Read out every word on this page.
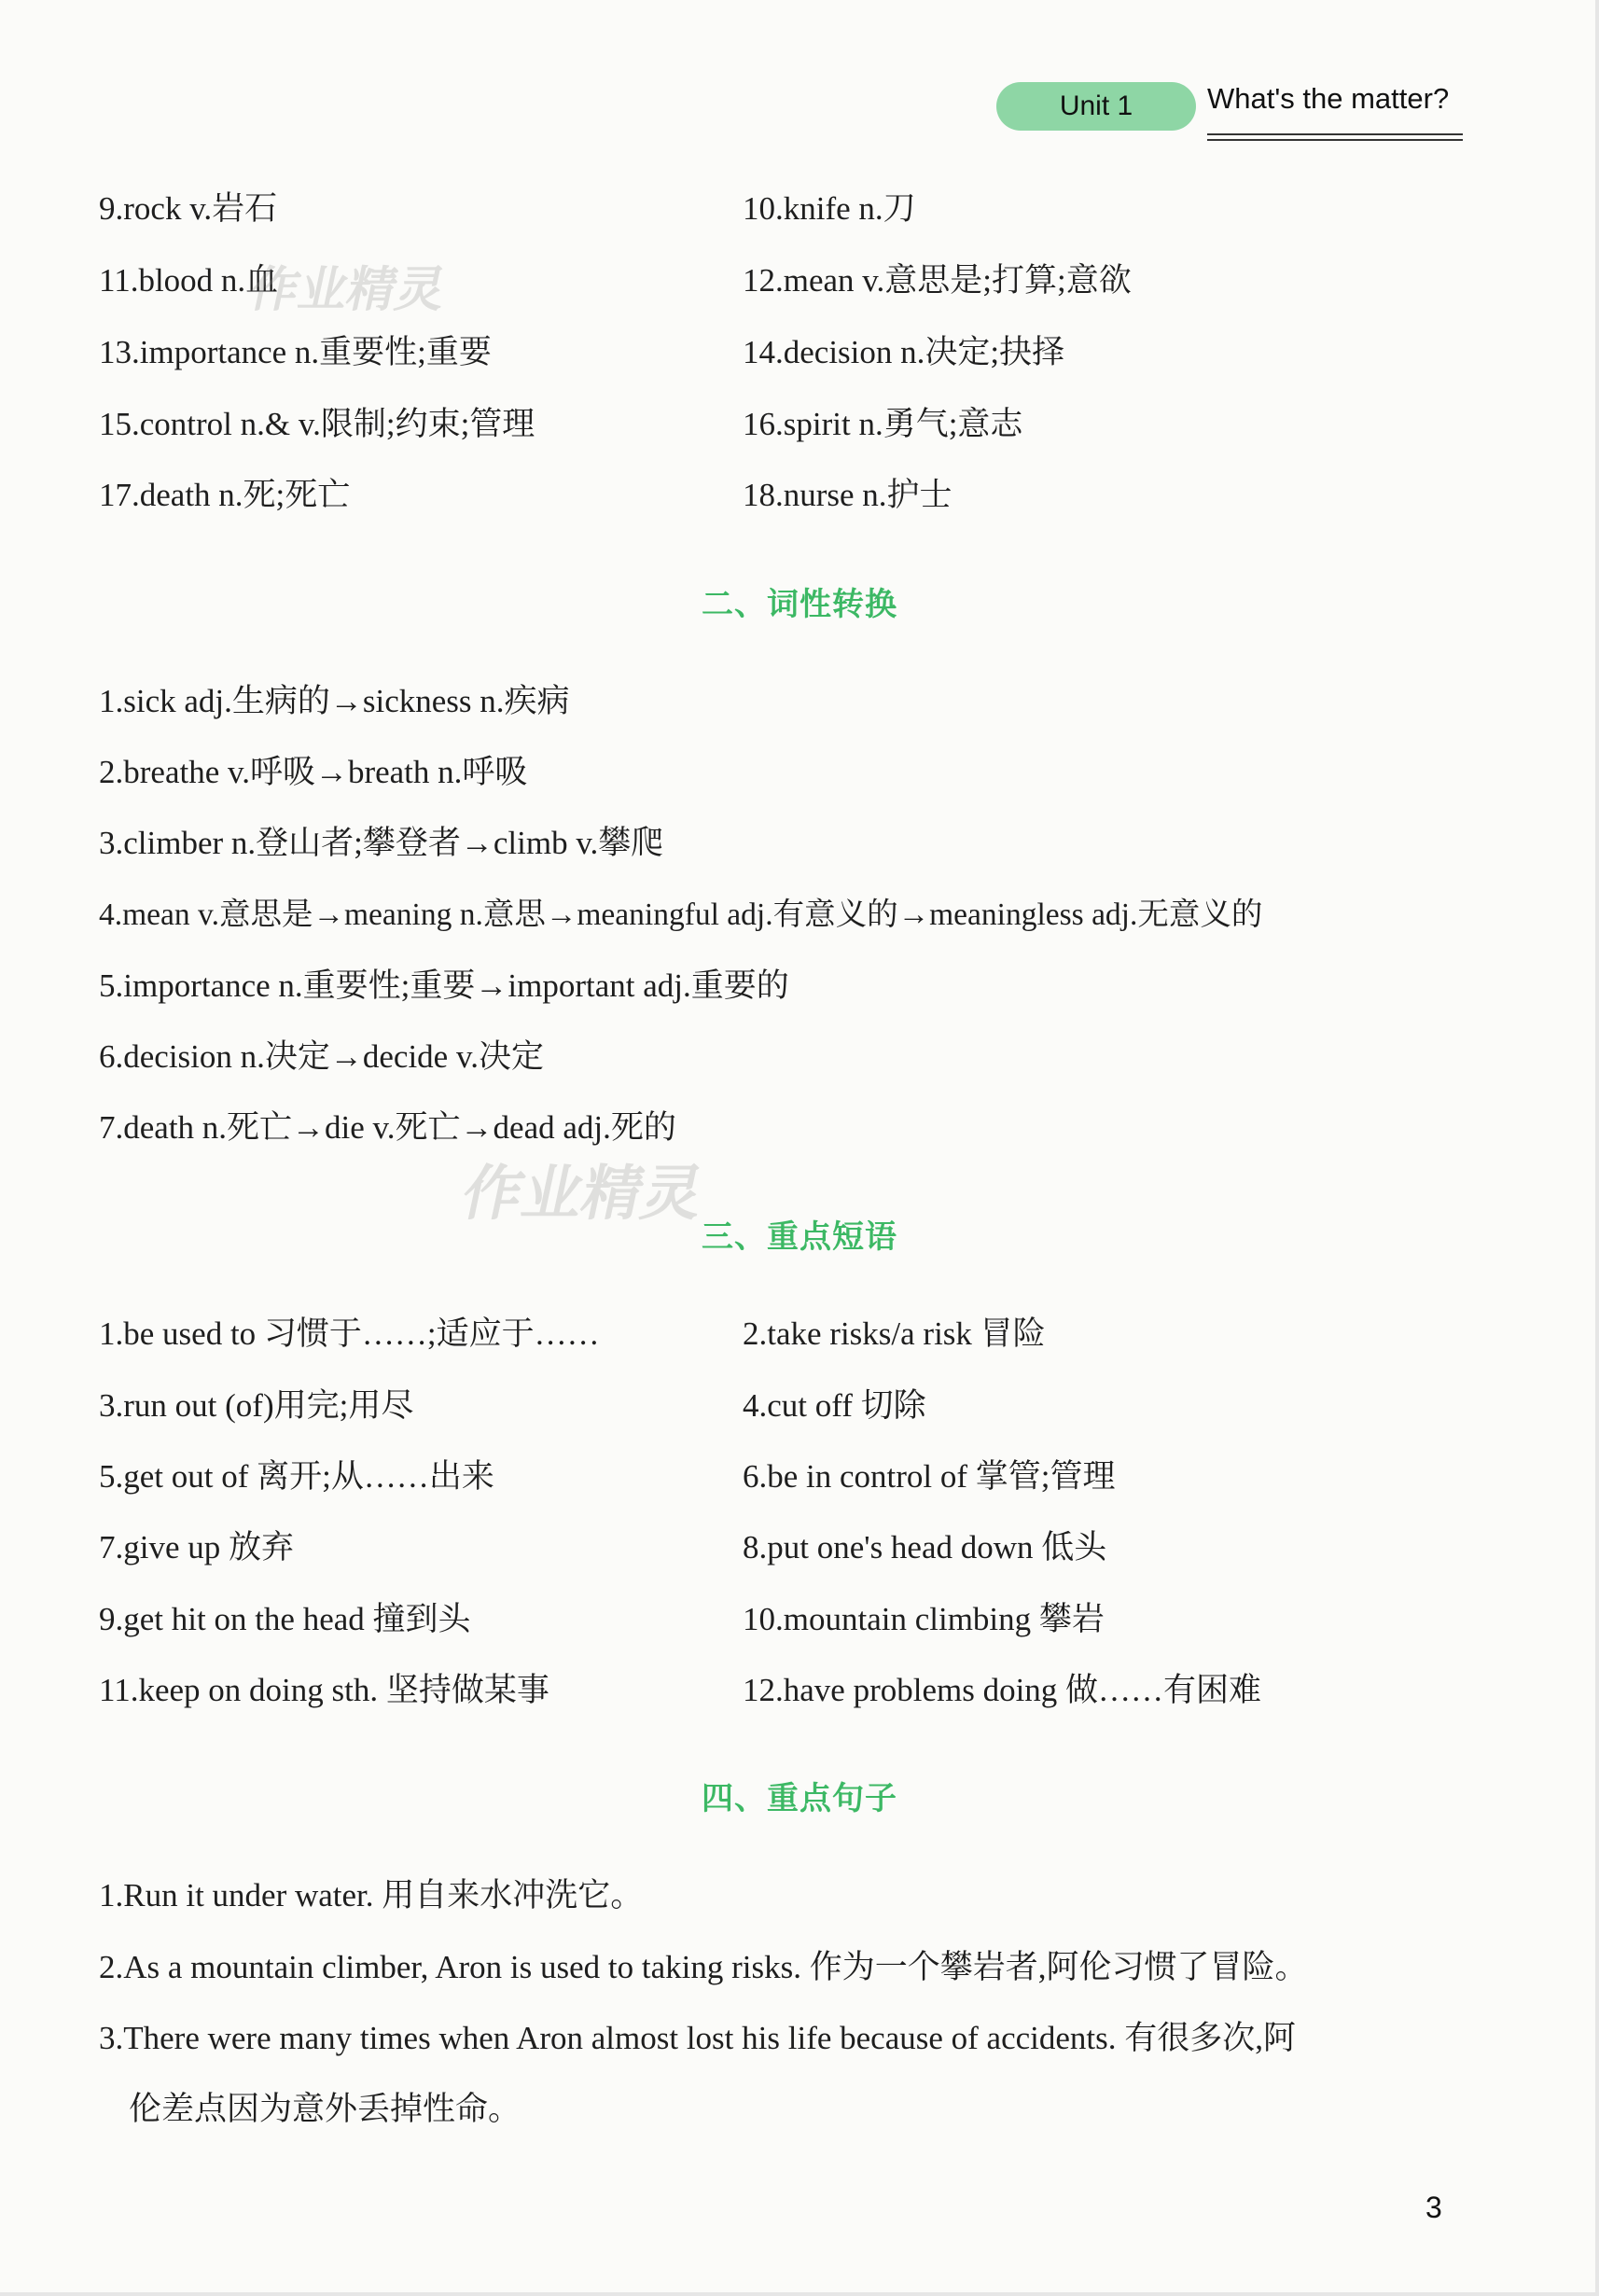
Unit 1	What's the matter?
9.rock v.岩石	10.knife n.刀
11.blood n.血	12.mean v.意思是;打算;意欲
13.importance n.重要性;重要	14.decision n.决定;抉择
15.control n.& v.限制;约束;管理	16.spirit n.勇气;意志
17.death n.死;死亡	18.nurse n.护士
二、词性转换
1.sick adj.生病的→sickness n.疾病
2.breathe v.呼吸→breath n.呼吸
3.climber n.登山者;攀登者→climb v.攀爬
4.mean v.意思是→meaning n.意思→meaningful adj.有意义的→meaningless adj.无意义的
5.importance n.重要性;重要→important adj.重要的
6.decision n.决定→decide v.决定
7.death n.死亡→die v.死亡→dead adj.死的
作业精灵
作业精灵
三、重点短语
1.be used to 习惯于……;适应于……	2.take risks/a risk 冒险
3.run out (of)用完;用尽	4.cut off 切除
5.get out of 离开;从……出来	6.be in control of 掌管;管理
7.give up 放弃	8.put one's head down 低头
9.get hit on the head 撞到头	10.mountain climbing 攀岩
11.keep on doing sth. 坚持做某事	12.have problems doing 做……有困难
四、重点句子
1.Run it under water. 用自来水冲洗它。
2.As a mountain climber, Aron is used to taking risks. 作为一个攀岩者,阿伦习惯了冒险。
3.There were many times when Aron almost lost his life because of accidents. 有很多次,阿
伦差点因为意外丢掉性命。
3
